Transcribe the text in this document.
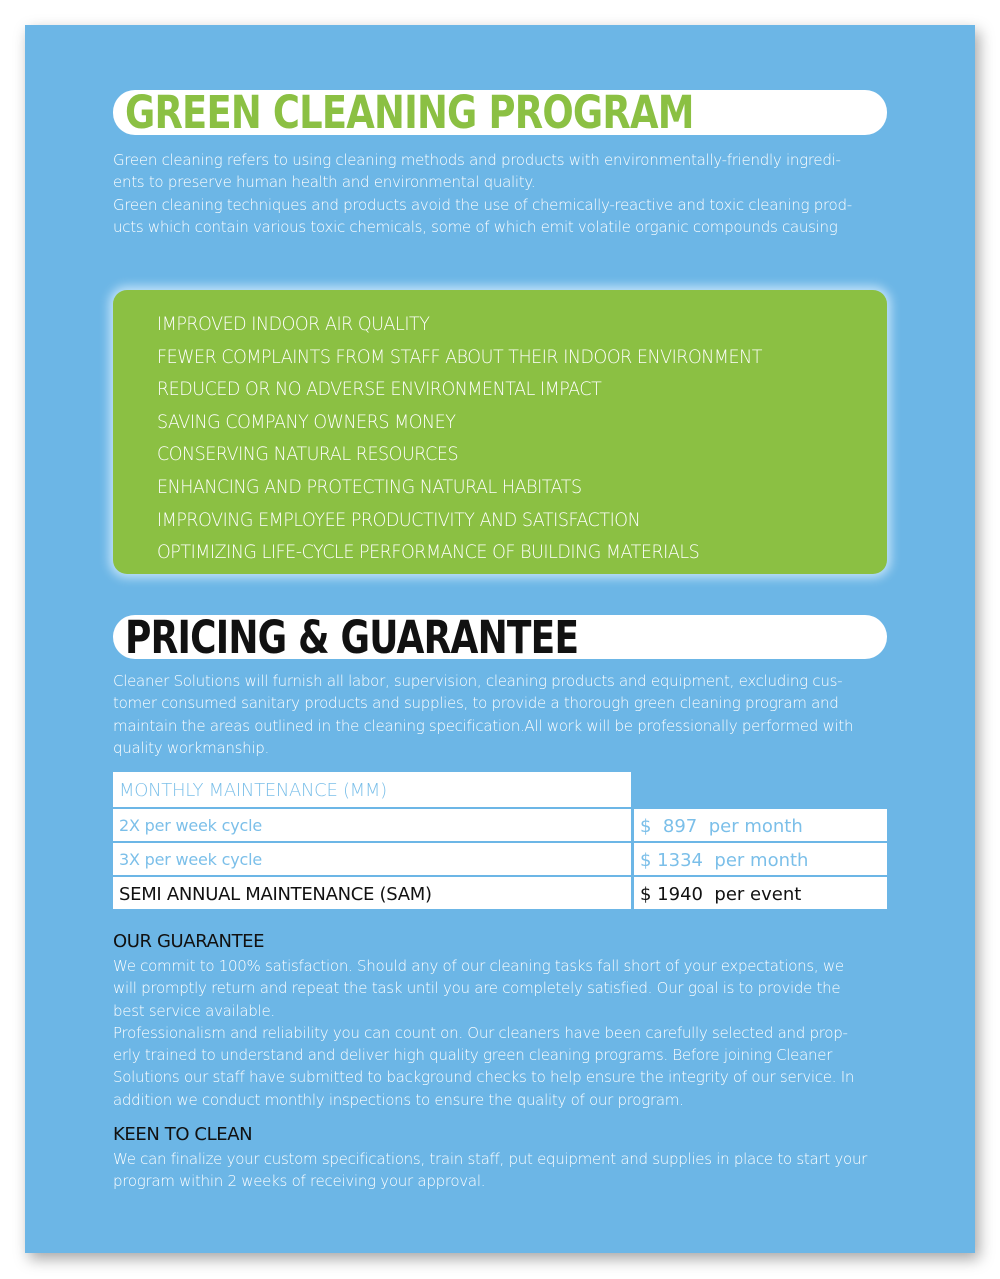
GREEN CLEANING PROGRAM

Green cleaning refers to using cleaning methods and products with environmentally-friendly ingredi-ents to preserve human health and environmental quality.

Green cleaning techniques and products avoid the use of chemically-reactive and toxic cleaning prod-ucts which contain various toxic chemicals, some of which emit volatile organic compounds causing

IMPROVED INDOOR AIR QUALITY
FEWER COMPLAINTS FROM STAFF ABOUT THEIR INDOOR ENVIRONMENT
REDUCED OR NO ADVERSE ENVIRONMENTAL IMPACT
SAVING COMPANY OWNERS MONEY
CONSERVING NATURAL RESOURCES
ENHANCING AND PROTECTING NATURAL HABITATS
IMPROVING EMPLOYEE PRODUCTIVITY AND SATISFACTION
OPTIMIZING LIFE-CYCLE PERFORMANCE OF BUILDING MATERIALS
PRICING & GUARANTEE

Cleaner Solutions will furnish all labor, supervision, cleaning products and equipment, excluding cus-tomer consumed sanitary products and supplies, to provide a thorough green cleaning program and maintain the areas outlined in the cleaning specification.All work will be professionally performed with quality workmanship.

MONTHLY MAINTENANCE (MM)
2X per week cycle	$  897  per month
3X per week cycle	$ 1334  per month
SEMI ANNUAL MAINTENANCE (SAM)	$ 1940  per event
OUR GUARANTEE

We commit to 100% satisfaction. Should any of our cleaning tasks fall short of your expectations, we will promptly return and repeat the task until you are completely satisfied. Our goal is to provide the best service available.

Professionalism and reliability you can count on. Our cleaners have been carefully selected and prop-erly trained to understand and deliver high quality green cleaning programs. Before joining Cleaner Solutions our staff have submitted to background checks to help ensure the integrity of our service. In addition we conduct monthly inspections to ensure the quality of our program.

KEEN TO CLEAN

We can finalize your custom specifications, train staff, put equipment and supplies in place to start your program within 2 weeks of receiving your approval.
